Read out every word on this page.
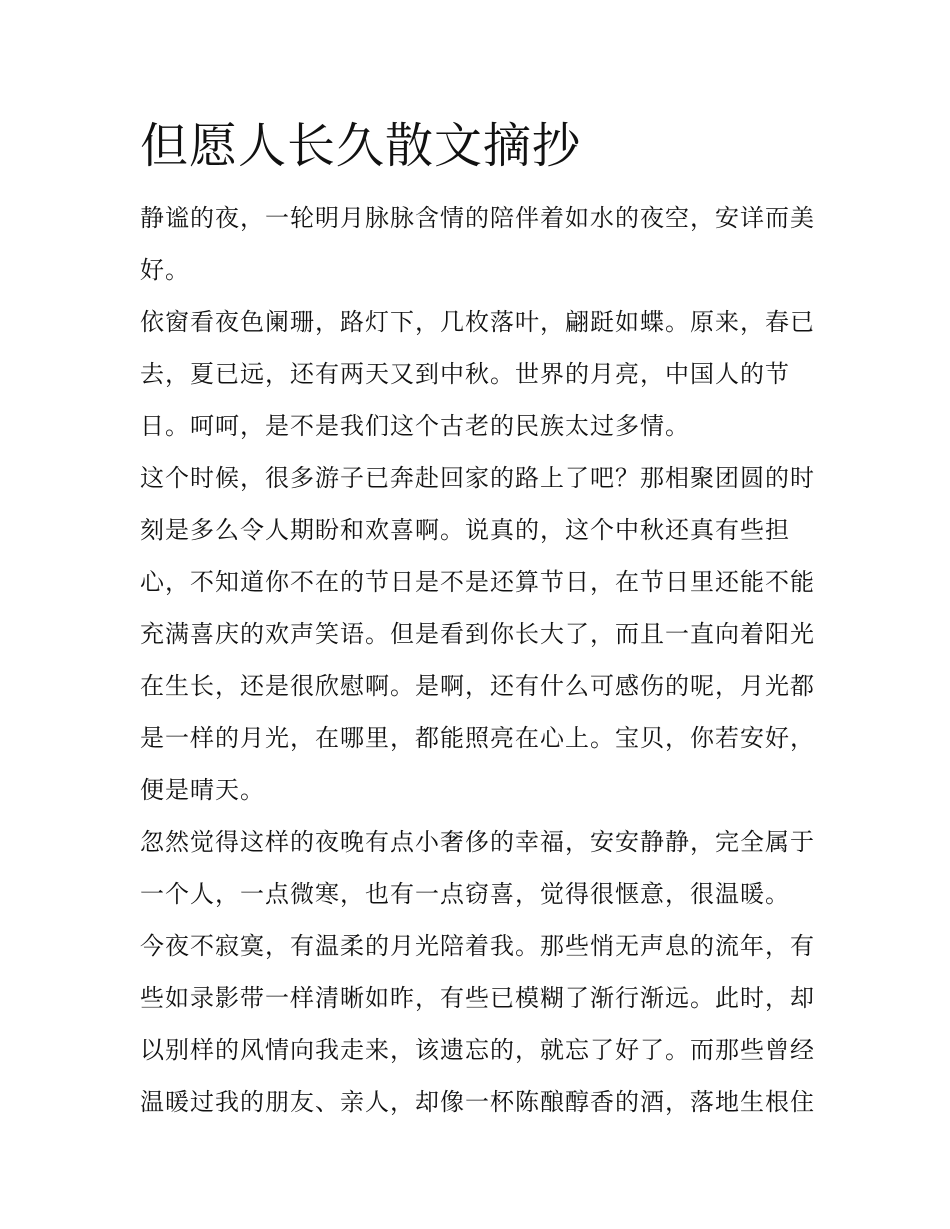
但愿人长久散文摘抄

静谧的夜，一轮明月脉脉含情的陪伴着如水的夜空，安详而美好。

依窗看夜色阑珊，路灯下，几枚落叶，翩跹如蝶。原来，春已去，夏已远，还有两天又到中秋。世界的月亮，中国人的节日。呵呵，是不是我们这个古老的民族太过多情。

这个时候，很多游子已奔赴回家的路上了吧？那相聚团圆的时刻是多么令人期盼和欢喜啊。说真的，这个中秋还真有些担心，不知道你不在的节日是不是还算节日，在节日里还能不能充满喜庆的欢声笑语。但是看到你长大了，而且一直向着阳光在生长，还是很欣慰啊。是啊，还有什么可感伤的呢，月光都是一样的月光，在哪里，都能照亮在心上。宝贝，你若安好，便是晴天。

忽然觉得这样的夜晚有点小奢侈的幸福，安安静静，完全属于一个人，一点微寒，也有一点窃喜，觉得很惬意，很温暖。

今夜不寂寞，有温柔的月光陪着我。那些悄无声息的流年，有些如录影带一样清晰如昨，有些已模糊了渐行渐远。此时，却以别样的风情向我走来，该遗忘的，就忘了好了。而那些曾经温暖过我的朋友、亲人，却像一杯陈酿醇香的酒，落地生根住
